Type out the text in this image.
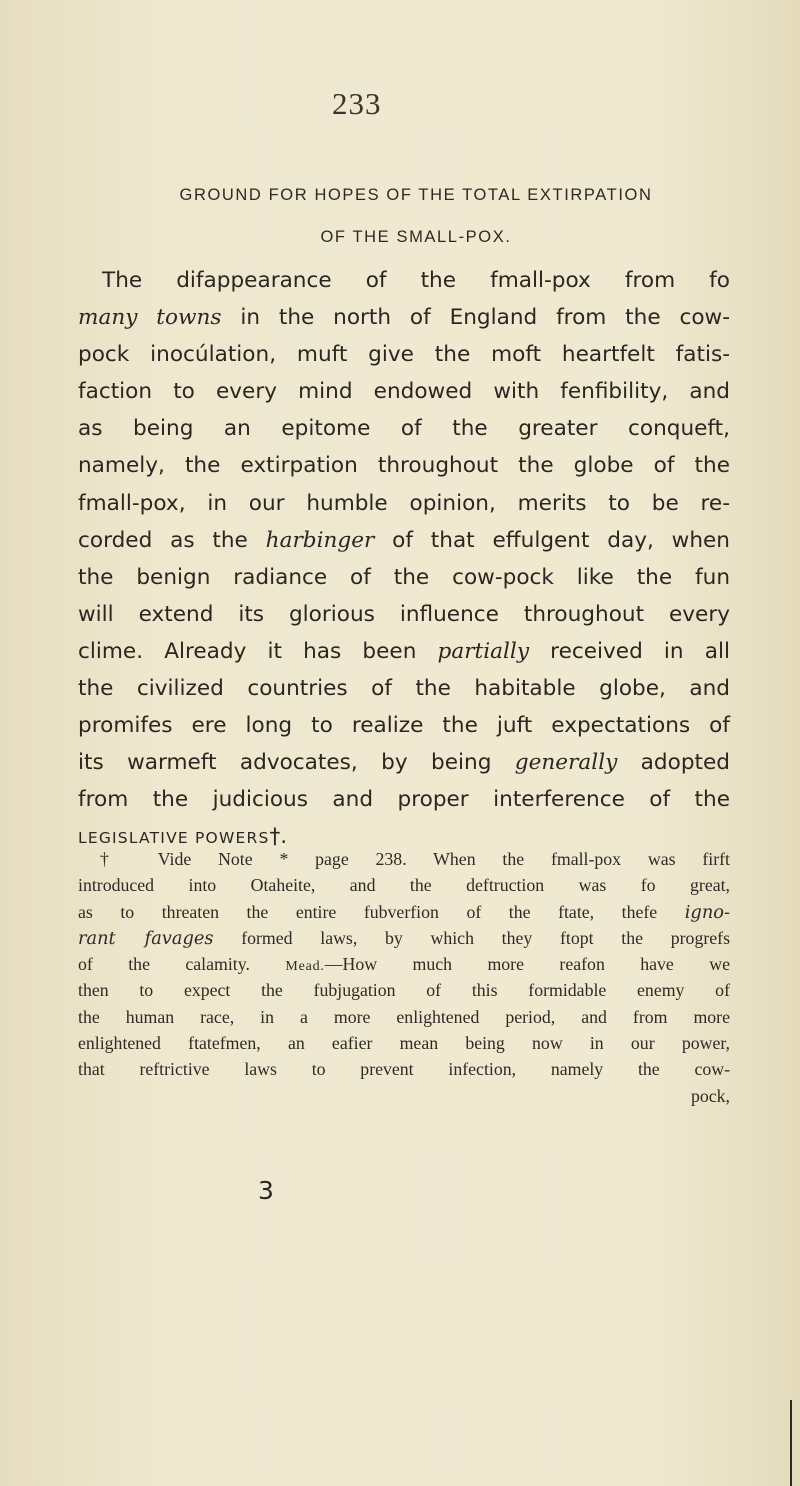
233
GROUND FOR HOPES OF THE TOTAL EXTIRPATION
OF THE SMALL-POX.
The difappearance of the fmall-pox from fo
many towns in the north of England from the cow-
pock inocúlation, muft give the moft heartfelt fatis-
faction to every mind endowed with fenfibility, and
as being an epitome of the greater conqueft,
namely, the extirpation throughout the globe of the
fmall-pox, in our humble opinion, merits to be re-
corded as the harbinger of that effulgent day, when
the benign radiance of the cow-pock like the fun
will extend its glorious influence throughout every
clime. Already it has been partially received in all
the civilized countries of the habitable globe, and
promifes ere long to realize the juft expectations of
its warmeft advocates, by being generally adopted
from the judicious and proper interference of the
LEGISLATIVE POWERS†.
† Vide Note * page 238. When the fmall-pox was firft
introduced into Otaheite, and the deftruction was fo great,
as to threaten the entire fubverfion of the ftate, thefe igno-
rant favages formed laws, by which they ftopt the progrefs
of the calamity. Mead.—How much more reafon have we
then to expect the fubjugation of this formidable enemy of
the human race, in a more enlightened period, and from more
enlightened ftatefmen, an eafier mean being now in our power,
that reftrictive laws to prevent infection, namely the cow-
pock,
3
